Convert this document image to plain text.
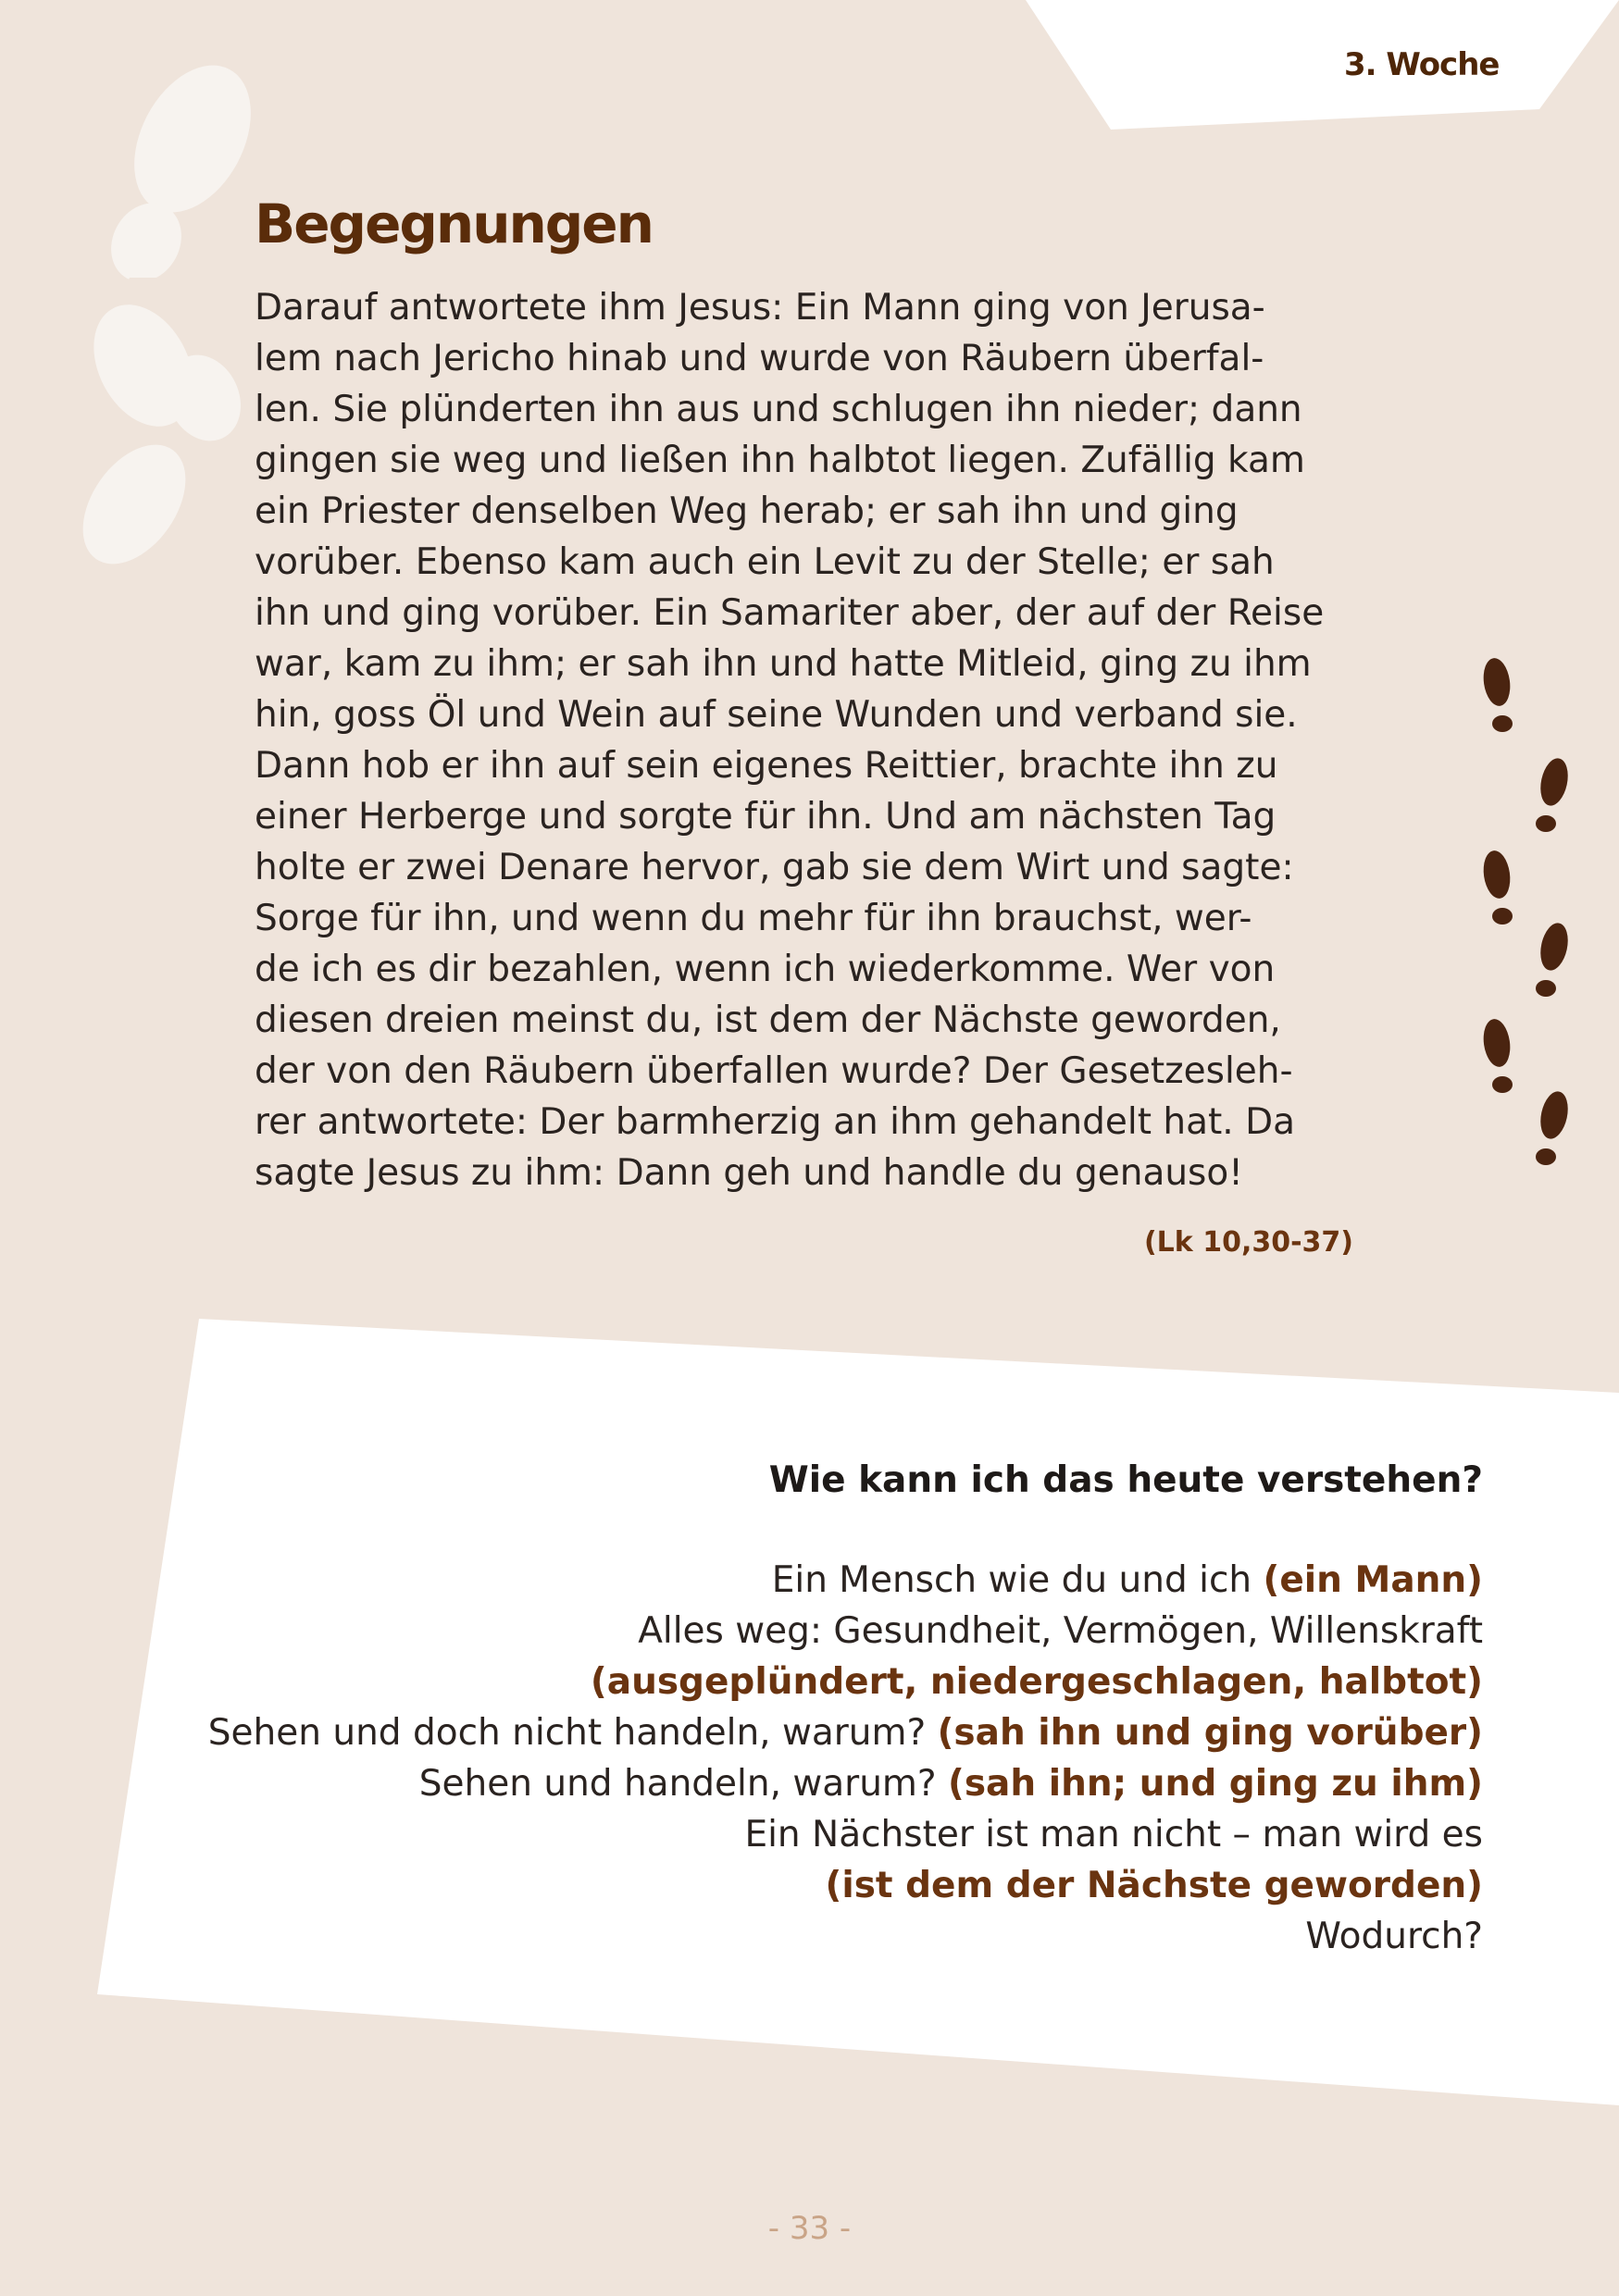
3. Woche
Begegnungen
Darauf antwortete ihm Jesus: Ein Mann ging von Jerusa-
lem nach Jericho hinab und wurde von Räubern überfal-
len. Sie plünderten ihn aus und schlugen ihn nieder; dann
gingen sie weg und ließen ihn halbtot liegen. Zufällig kam
ein Priester denselben Weg herab; er sah ihn und ging
vorüber. Ebenso kam auch ein Levit zu der Stelle; er sah
ihn und ging vorüber. Ein Samariter aber, der auf der Reise
war, kam zu ihm; er sah ihn und hatte Mitleid, ging zu ihm
hin, goss Öl und Wein auf seine Wunden und verband sie.
Dann hob er ihn auf sein eigenes Reittier, brachte ihn zu
einer Herberge und sorgte für ihn. Und am nächsten Tag
holte er zwei Denare hervor, gab sie dem Wirt und sagte:
Sorge für ihn, und wenn du mehr für ihn brauchst, wer-
de ich es dir bezahlen, wenn ich wiederkomme. Wer von
diesen dreien meinst du, ist dem der Nächste geworden,
der von den Räubern überfallen wurde? Der Gesetzesleh-
rer antwortete: Der barmherzig an ihm gehandelt hat. Da
sagte Jesus zu ihm: Dann geh und handle du genauso!
(Lk 10,30-37)
Wie kann ich das heute verstehen?
Ein Mensch wie du und ich (ein Mann)
Alles weg: Gesundheit, Vermögen, Willenskraft
(ausgeplündert, niedergeschlagen, halbtot)
Sehen und doch nicht handeln, warum? (sah ihn und ging vorüber)
Sehen und handeln, warum? (sah ihn; und ging zu ihm)
Ein Nächster ist man nicht – man wird es
(ist dem der Nächste geworden)
Wodurch?
- 33 -
